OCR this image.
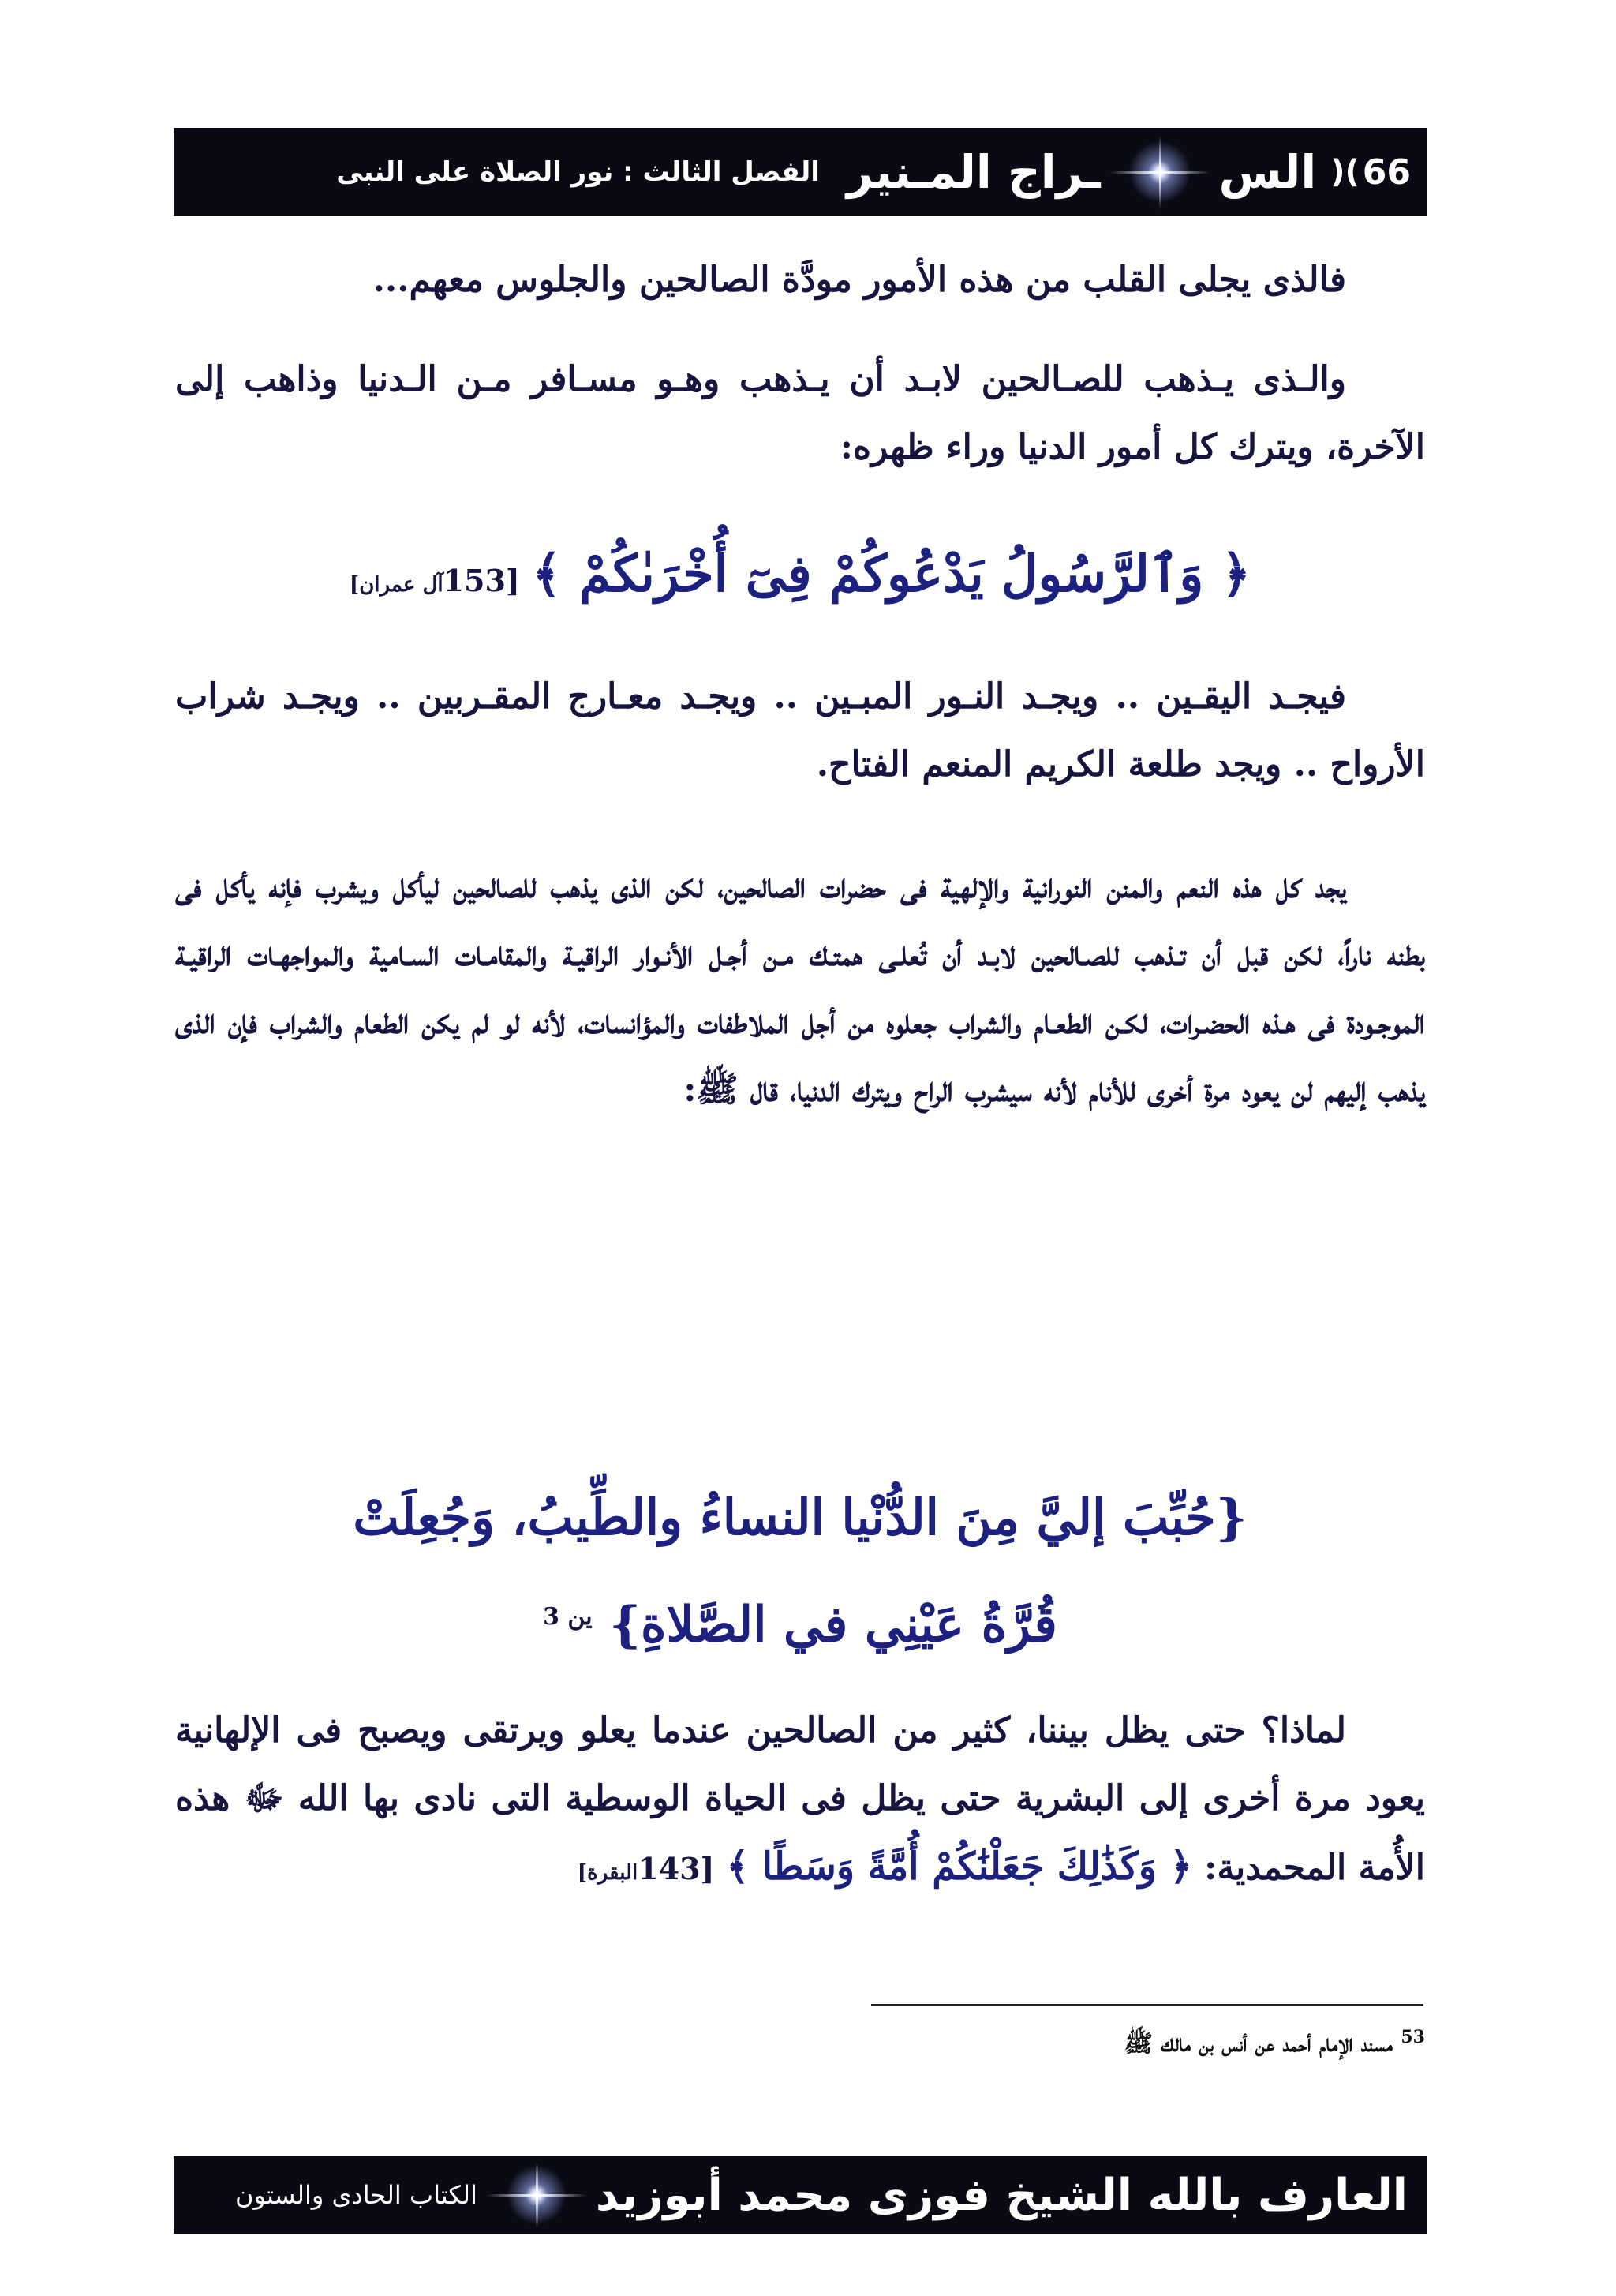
66
)(
الس
ـراج المـنير
الفصل الثالث : نور الصلاة على النبى

فالذى يجلى القلب من هذه الأمور مودَّة الصالحين والجلوس معهم...

والـذى يـذهب للصـالحين لابـد أن يـذهب وهـو مسـافر مـن الـدنيا وذاهب إلى الآخرة، ويترك كل أمور الدنيا وراء ظهره:

﴿ وَٱلرَّسُولُ يَدْعُوكُمْ فِىٓ أُخْرَىٰكُمْ ﴾ [153آل عمران]

فيجـد اليقـين .. ويجـد النـور المبـين .. ويجـد معـارج المقـربين .. ويجـد شراب الأرواح .. ويجد طلعة الكريم المنعم الفتاح.

يجد كل هذه النعم والمنن النورانية والإلهية فى حضرات الصالحين، لكن الذى يذهب للصالحين ليأكل ويشرب فإنه يأكل فى بطنه ناراً، لكن قبل أن تـذهب للصـالحين لابـد أن تُعلـى همتـك مـن أجـل الأنـوار الراقيـة والمقامـات السـامية والمواجهـات الراقيـة الموجـودة فى هـذه الحضـرات، لكـن الطعـام والشراب جعلوه من أجل الملاطفات والمؤانسات، لأنه لو لم يكن الطعام والشراب فإن الذى يذهب إليهم لن يعود مرة أخرى للأنام لأنه سيشرب الراح ويترك الدنيا، قال ﷺ:

{حُبِّبَ إليَّ مِنَ الدُّنْيا النساءُ والطِّيبُ، وَجُعِلَتْ
قُرَّةُ عَيْنِي في الصَّلاةِ} $^{ين 3}$

لماذا؟ حتى يظل بيننا، كثير من الصالحين عندما يعلو ويرتقى ويصبح فى الإلهانية يعود مرة أخرى إلى البشرية حتى يظل فى الحياة الوسطية التى نادى بها الله ﷻ هذه الأُمة المحمدية: ﴿ وَكَذَٰلِكَ جَعَلْنَٰكُمْ أُمَّةً وَسَطًا ﴾ [143البقرة]

$^{53}$ مسند الإمام أحمد عن أنس بن مالك ﷺ
العارف بالله الشيخ فوزى محمد أبوزيد
الكتاب الحادى والستون
